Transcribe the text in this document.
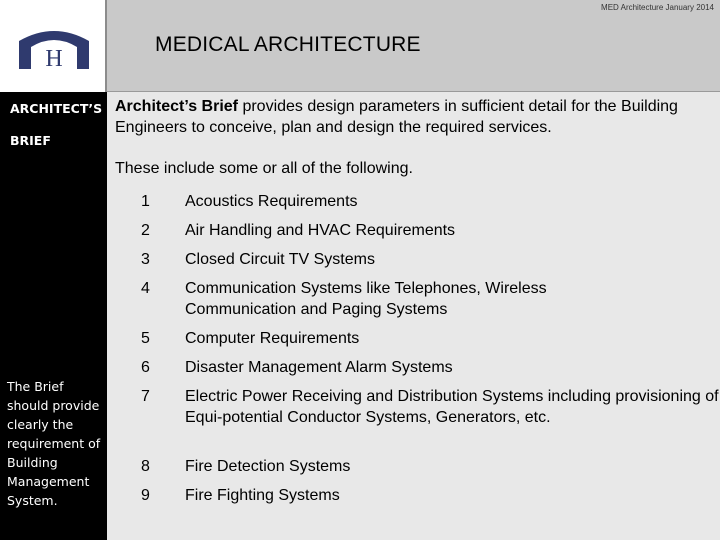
H
MED Architecture January 2014
MEDICAL ARCHITECTURE
ARCHITECT’S
BRIEF
The Brief should provide clearly the requirement of Building Management System.
Architect’s Brief provides design parameters in sufficient detail for the Building Engineers to conceive, plan and design the required services.
These include some or all of the following.
1	Acoustics Requirements
2	Air Handling and HVAC Requirements
3	Closed Circuit TV Systems
4	Communication Systems like Telephones, Wireless Communication and Paging Systems
5	Computer Requirements
6	Disaster Management Alarm Systems
7	Electric Power Receiving and Distribution Systems including provisioning of Equi-potential Conductor Systems, Generators, etc.
8	Fire Detection Systems
9	Fire Fighting Systems
